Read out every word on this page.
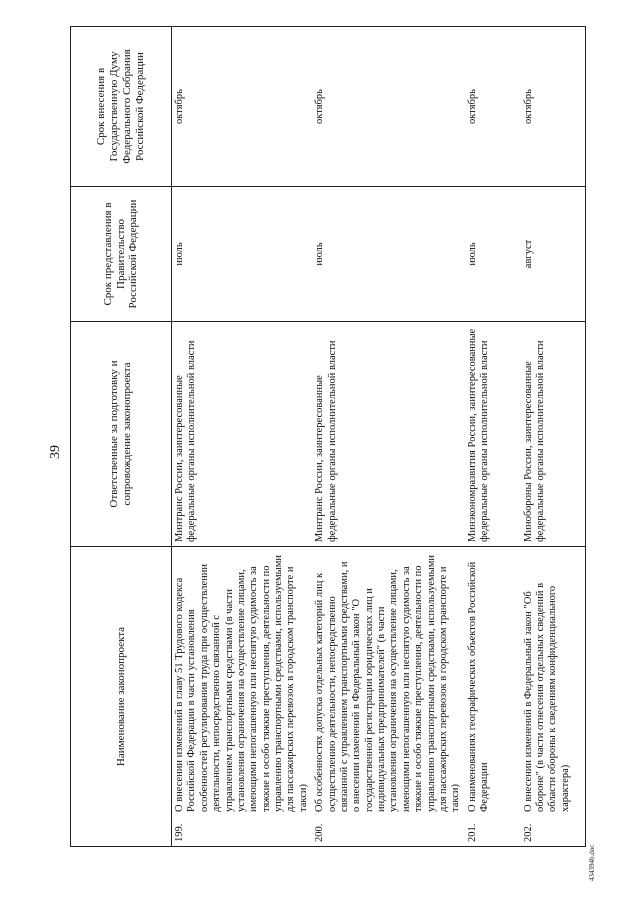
39
Наименование законопроекта	Ответственные за подготовку и сопровождение законопроекта	Срок представления в Правительство Российской Федерации	Срок внесения в Государственную Думу Федерального Собрания Российской Федерации
199.О внесении изменений в главу 51 Трудового кодекса Российской Федерации в части установления особенностей регулирования труда при осуществлении деятельности, непосредственно связанной с управлением транспортными средствами (в части установления ограничения на осуществление лицами, имеющими непогашенную или неснятую судимость за тяжкие и особо тяжкие преступления, деятельности по управлению транспортными средствами, используемыми для пассажирских перевозок в городском транспорте и такси)	Минтранс России, заинтересованные федеральные органы исполнительной власти	июль	октябрь
200.Об особенностях допуска отдельных категорий лиц к осуществлению деятельности, непосредственно связанной с управлением транспортными средствами, и о внесении изменений в Федеральный закон "О государственной регистрации юридических лиц и индивидуальных предпринимателей" (в части установления ограничения на осуществление лицами, имеющими непогашенную или неснятую судимость за тяжкие и особо тяжкие преступления, деятельности по управлению транспортными средствами, используемыми для пассажирских перевозок в городском транспорте и такси)	Минтранс России, заинтересованные федеральные органы исполнительной власти	июль	октябрь
201.О наименованиях географических объектов Российской Федерации	Минэкономразвития России, заинтересованные федеральные органы исполнительной власти	июль	октябрь
202.О внесении изменений в Федеральный закон "Об обороне" (в части отнесения отдельных сведений в области обороны к сведениям конфиденциального характера)	Минобороны России, заинтересованные федеральные органы исполнительной власти	август	октябрь
434394b.doc
